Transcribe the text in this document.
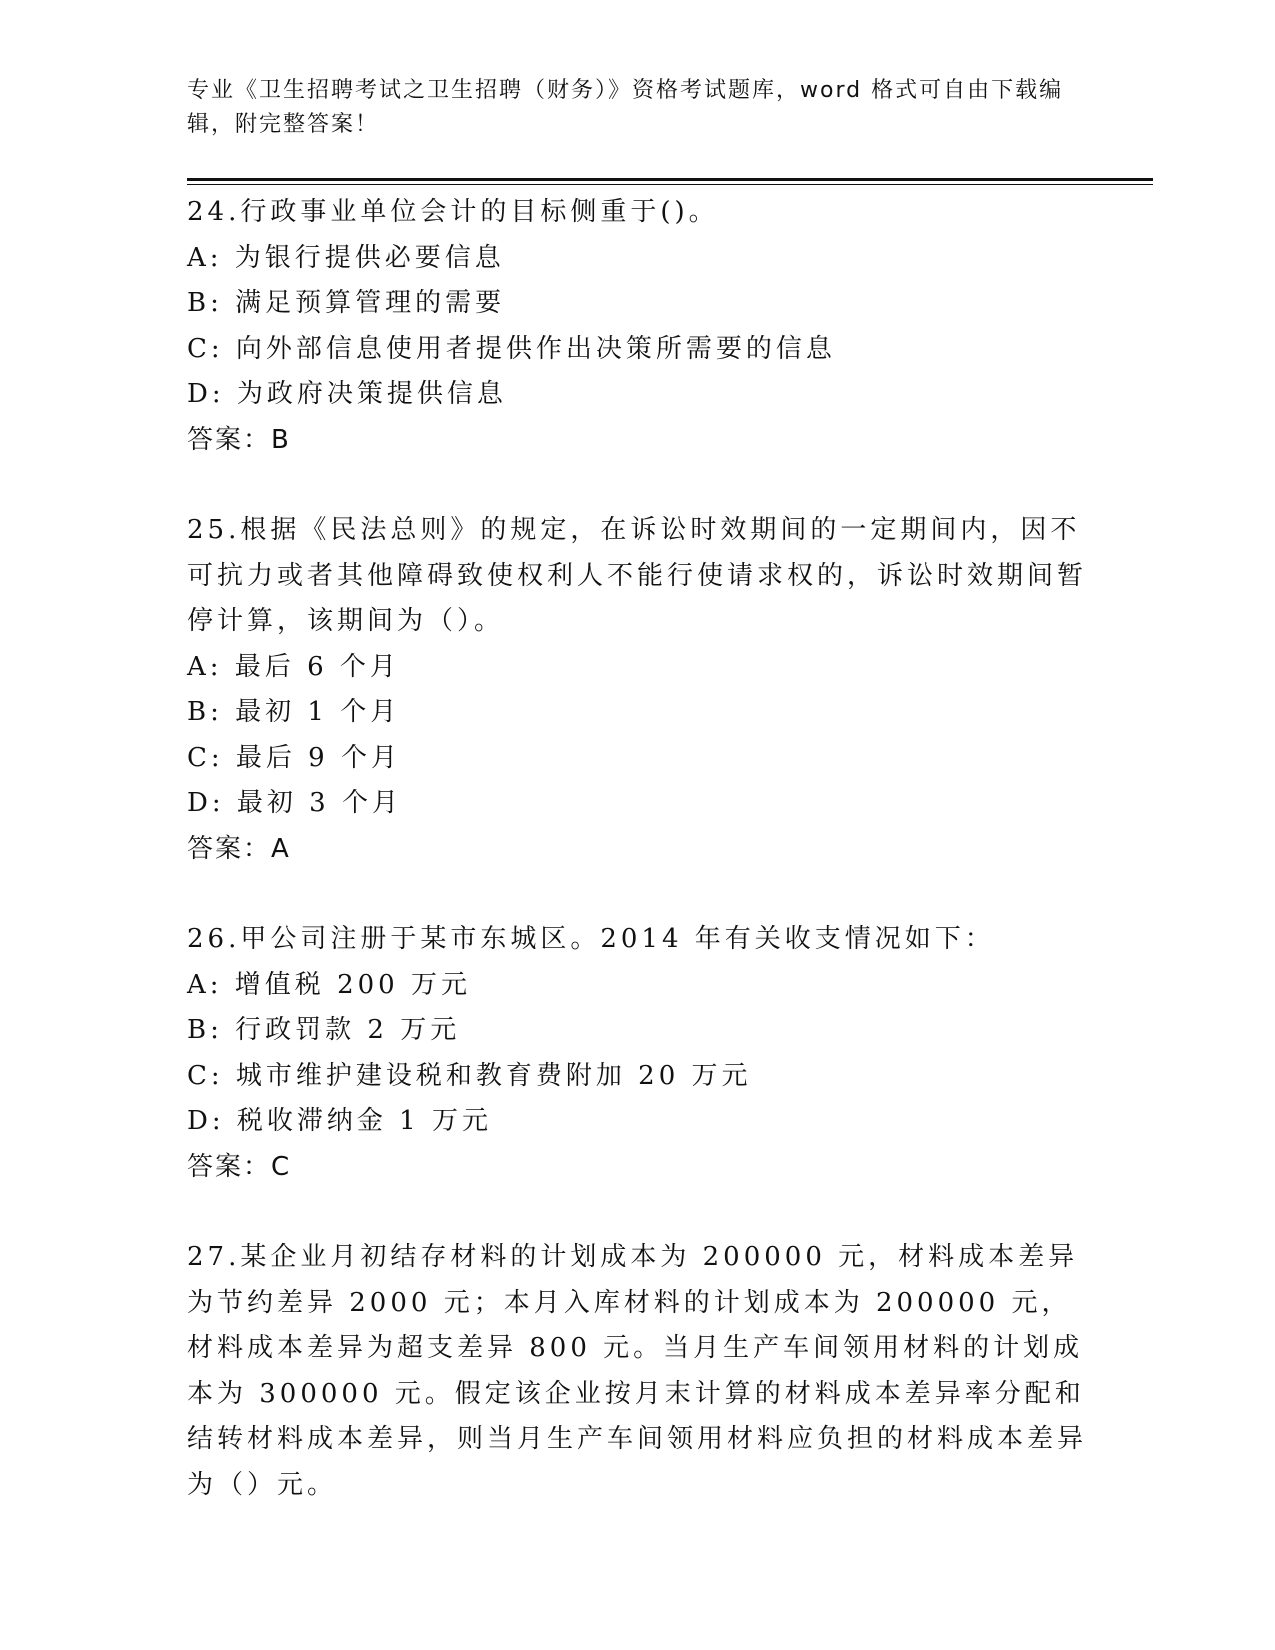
专业《卫生招聘考试之卫生招聘（财务）》资格考试题库，word 格式可自由下载编辑，附完整答案！

24.行政事业单位会计的目标侧重于()。

A: 为银行提供必要信息

B: 满足预算管理的需要

C: 向外部信息使用者提供作出决策所需要的信息

D: 为政府决策提供信息

答案：B

25.根据《民法总则》的规定，在诉讼时效期间的一定期间内，因不可抗力或者其他障碍致使权利人不能行使请求权的，诉讼时效期间暂停计算，该期间为（）。

A: 最后 6 个月

B: 最初 1 个月

C: 最后 9 个月

D: 最初 3 个月

答案：A

26.甲公司注册于某市东城区。2014 年有关收支情况如下：

A: 增值税 200 万元

B: 行政罚款 2 万元

C: 城市维护建设税和教育费附加 20 万元

D: 税收滞纳金 1 万元

答案：C

27.某企业月初结存材料的计划成本为 200000 元，材料成本差异为节约差异 2000 元；本月入库材料的计划成本为 200000 元，材料成本差异为超支差异 800 元。当月生产车间领用材料的计划成本为 300000 元。假定该企业按月末计算的材料成本差异率分配和结转材料成本差异，则当月生产车间领用材料应负担的材料成本差异为（）元。
